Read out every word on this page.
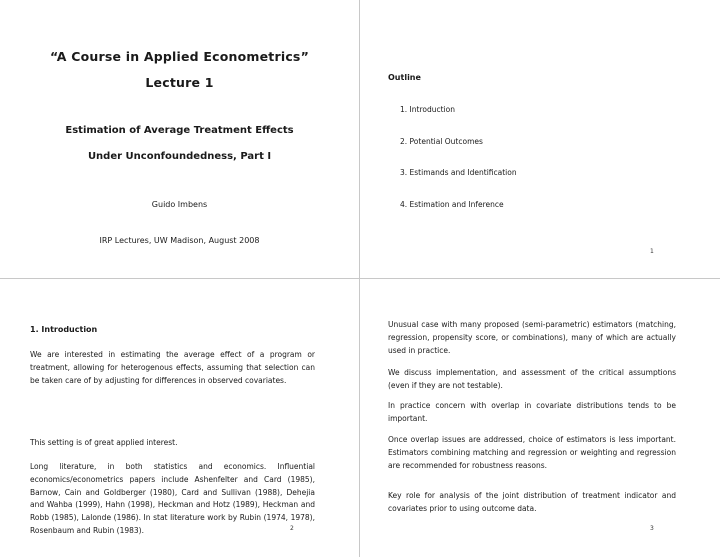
“A Course in Applied Econometrics”
Lecture 1
Estimation of Average Treatment Effects
Under Unconfoundedness, Part I
Guido Imbens
IRP Lectures, UW Madison, August 2008
Outline
1. Introduction
2. Potential Outcomes
3. Estimands and Identification
4. Estimation and Inference
1
1. Introduction
We are interested in estimating the average effect of a program or treatment, allowing for heterogenous effects, assuming that selection can be taken care of by adjusting for differences in observed covariates.
This setting is of great applied interest.
Long literature, in both statistics and economics. Influential economics/econometrics papers include Ashenfelter and Card (1985), Barnow, Cain and Goldberger (1980), Card and Sullivan (1988), Dehejia and Wahba (1999), Hahn (1998), Heckman and Hotz (1989), Heckman and Robb (1985), Lalonde (1986). In stat literature work by Rubin (1974, 1978), Rosenbaum and Rubin (1983).	2
Unusual case with many proposed (semi-parametric) estimators (matching, regression, propensity score, or combinations), many of which are actually used in practice.
We discuss implementation, and assessment of the critical assumptions (even if they are not testable).
In practice concern with overlap in covariate distributions tends to be important.
Once overlap issues are addressed, choice of estimators is less important. Estimators combining matching and regression or weighting and regression are recommended for robustness reasons.
Key role for analysis of the joint distribution of treatment indicator and covariates prior to using outcome data.
3
